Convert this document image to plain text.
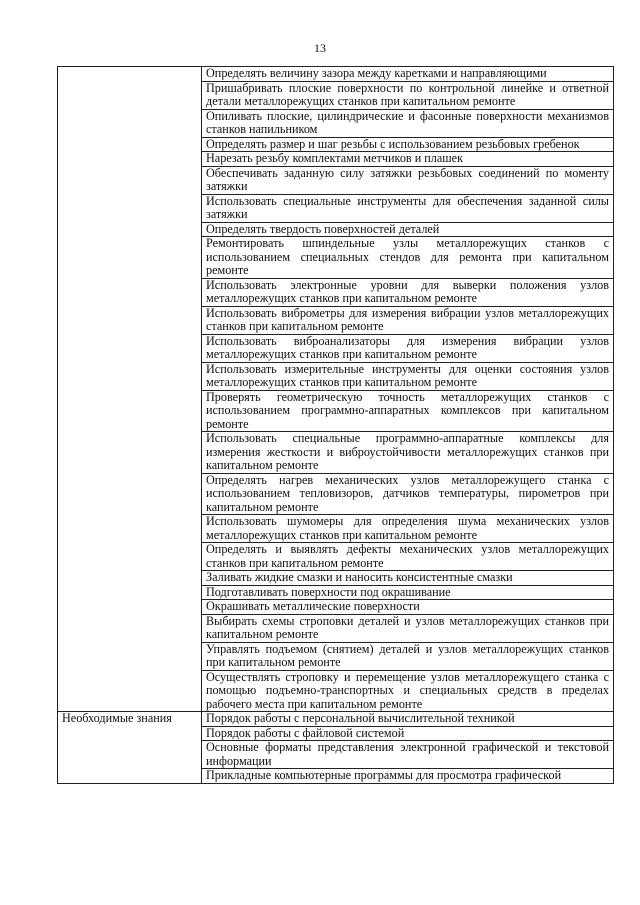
13
	Определять величину зазора между каретками и направляющими
	Пришабривать плоские поверхности по контрольной линейке и ответной детали металлорежущих станков при капитальном ремонте
	Опиливать плоские, цилиндрические и фасонные поверхности механизмов станков напильником
	Определять размер и шаг резьбы с использованием резьбовых гребенок
	Нарезать резьбу комплектами метчиков и плашек
	Обеспечивать заданную силу затяжки резьбовых соединений по моменту затяжки
	Использовать специальные инструменты для обеспечения заданной силы затяжки
	Определять твердость поверхностей деталей
	Ремонтировать шпиндельные узлы металлорежущих станков с использованием специальных стендов для ремонта при капитальном ремонте
	Использовать электронные уровни для выверки положения узлов металлорежущих станков при капитальном ремонте
	Использовать виброметры для измерения вибрации узлов металлорежущих станков при капитальном ремонте
	Использовать виброанализаторы для измерения вибрации узлов металлорежущих станков при капитальном ремонте
	Использовать измерительные инструменты для оценки состояния узлов металлорежущих станков при капитальном ремонте
	Проверять геометрическую точность металлорежущих станков с использованием программно-аппаратных комплексов при капитальном ремонте
	Использовать специальные программно-аппаратные комплексы для измерения жесткости и виброустойчивости металлорежущих станков при капитальном ремонте
	Определять нагрев механических узлов металлорежущего станка с использованием тепловизоров, датчиков температуры, пирометров при капитальном ремонте
	Использовать шумомеры для определения шума механических узлов металлорежущих станков при капитальном ремонте
	Определять и выявлять дефекты механических узлов металлорежущих станков при капитальном ремонте
	Заливать жидкие смазки и наносить консистентные смазки
	Подготавливать поверхности под окрашивание
	Окрашивать металлические поверхности
	Выбирать схемы строповки деталей и узлов металлорежущих станков при капитальном ремонте
	Управлять подъемом (снятием) деталей и узлов металлорежущих станков при капитальном ремонте
	Осуществлять строповку и перемещение узлов металлорежущего станка с помощью подъемно-транспортных и специальных средств в пределах рабочего места при капитальном ремонте
Необходимые знания	Порядок работы с персональной вычислительной техникой
	Порядок работы с файловой системой
	Основные форматы представления электронной графической и текстовой информации
	Прикладные компьютерные программы для просмотра графической
